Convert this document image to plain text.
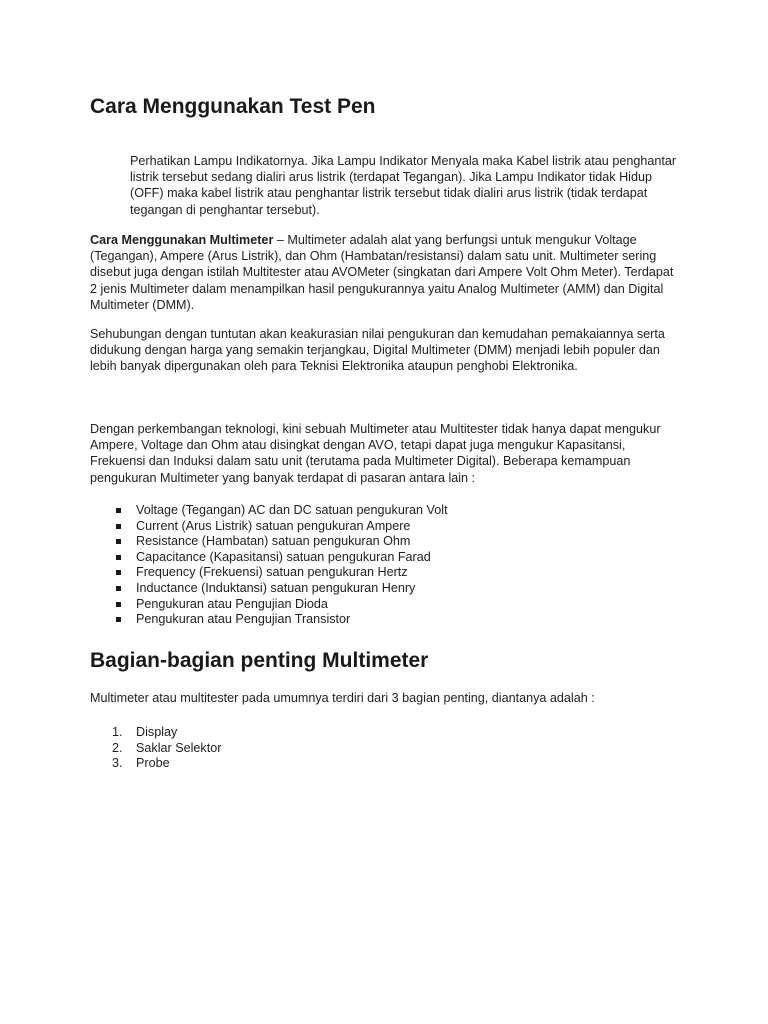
Cara Menggunakan Test Pen

Perhatikan Lampu Indikatornya. Jika Lampu Indikator Menyala maka Kabel listrik atau penghantar listrik tersebut sedang dialiri arus listrik (terdapat Tegangan). Jika Lampu Indikator tidak Hidup (OFF) maka kabel listrik atau penghantar listrik tersebut tidak dialiri arus listrik (tidak terdapat tegangan di penghantar tersebut).

Cara Menggunakan Multimeter – Multimeter adalah alat yang berfungsi untuk mengukur Voltage (Tegangan), Ampere (Arus Listrik), dan Ohm (Hambatan/resistansi) dalam satu unit. Multimeter sering disebut juga dengan istilah Multitester atau AVOMeter (singkatan dari Ampere Volt Ohm Meter). Terdapat 2 jenis Multimeter dalam menampilkan hasil pengukurannya yaitu Analog Multimeter (AMM) dan Digital Multimeter (DMM).

Sehubungan dengan tuntutan akan keakurasian nilai pengukuran dan kemudahan pemakaiannya serta didukung dengan harga yang semakin terjangkau, Digital Multimeter (DMM) menjadi lebih populer dan lebih banyak dipergunakan oleh para Teknisi Elektronika ataupun penghobi Elektronika.

Dengan perkembangan teknologi, kini sebuah Multimeter atau Multitester tidak hanya dapat mengukur Ampere, Voltage dan Ohm atau disingkat dengan AVO, tetapi dapat juga mengukur Kapasitansi, Frekuensi dan Induksi dalam satu unit (terutama pada Multimeter Digital). Beberapa kemampuan pengukuran Multimeter yang banyak terdapat di pasaran antara lain :

Voltage (Tegangan) AC dan DC satuan pengukuran Volt
Current (Arus Listrik) satuan pengukuran Ampere
Resistance (Hambatan) satuan pengukuran Ohm
Capacitance (Kapasitansi) satuan pengukuran Farad
Frequency (Frekuensi) satuan pengukuran Hertz
Inductance (Induktansi) satuan pengukuran Henry
Pengukuran atau Pengujian Dioda
Pengukuran atau Pengujian Transistor
Bagian-bagian penting Multimeter

Multimeter atau multitester pada umumnya terdiri dari 3 bagian penting, diantanya adalah :

1. Display
2. Saklar Selektor
3. Probe
